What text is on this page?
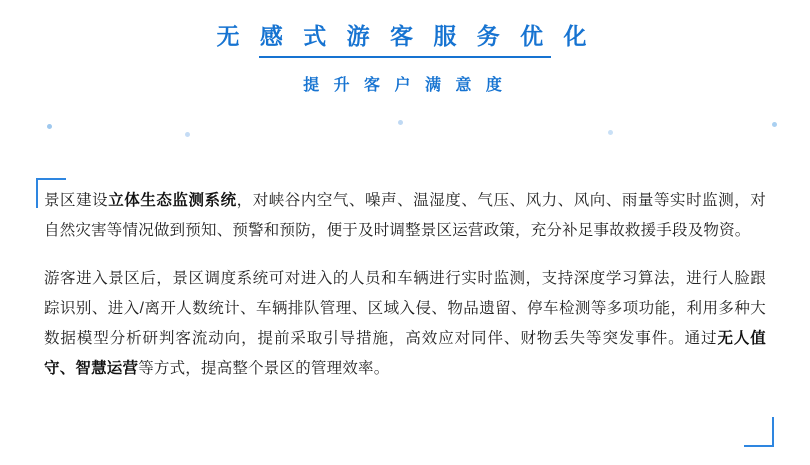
无 感 式 游 客 服 务 优 化
提 升 客 户 满 意 度

景区建设立体生态监测系统，对峡谷内空气、噪声、温湿度、气压、风力、风向、雨量等实时监测，对自然灾害等情况做到预知、预警和预防，便于及时调整景区运营政策，充分补足事故救援手段及物资。

游客进入景区后，景区调度系统可对进入的人员和车辆进行实时监测，支持深度学习算法，进行人脸跟踪识别、进入/离开人数统计、车辆排队管理、区域入侵、物品遗留、停车检测等多项功能，利用多种大数据模型分析研判客流动向，提前采取引导措施，高效应对同伴、财物丢失等突发事件。通过无人值守、智慧运营等方式，提高整个景区的管理效率。
